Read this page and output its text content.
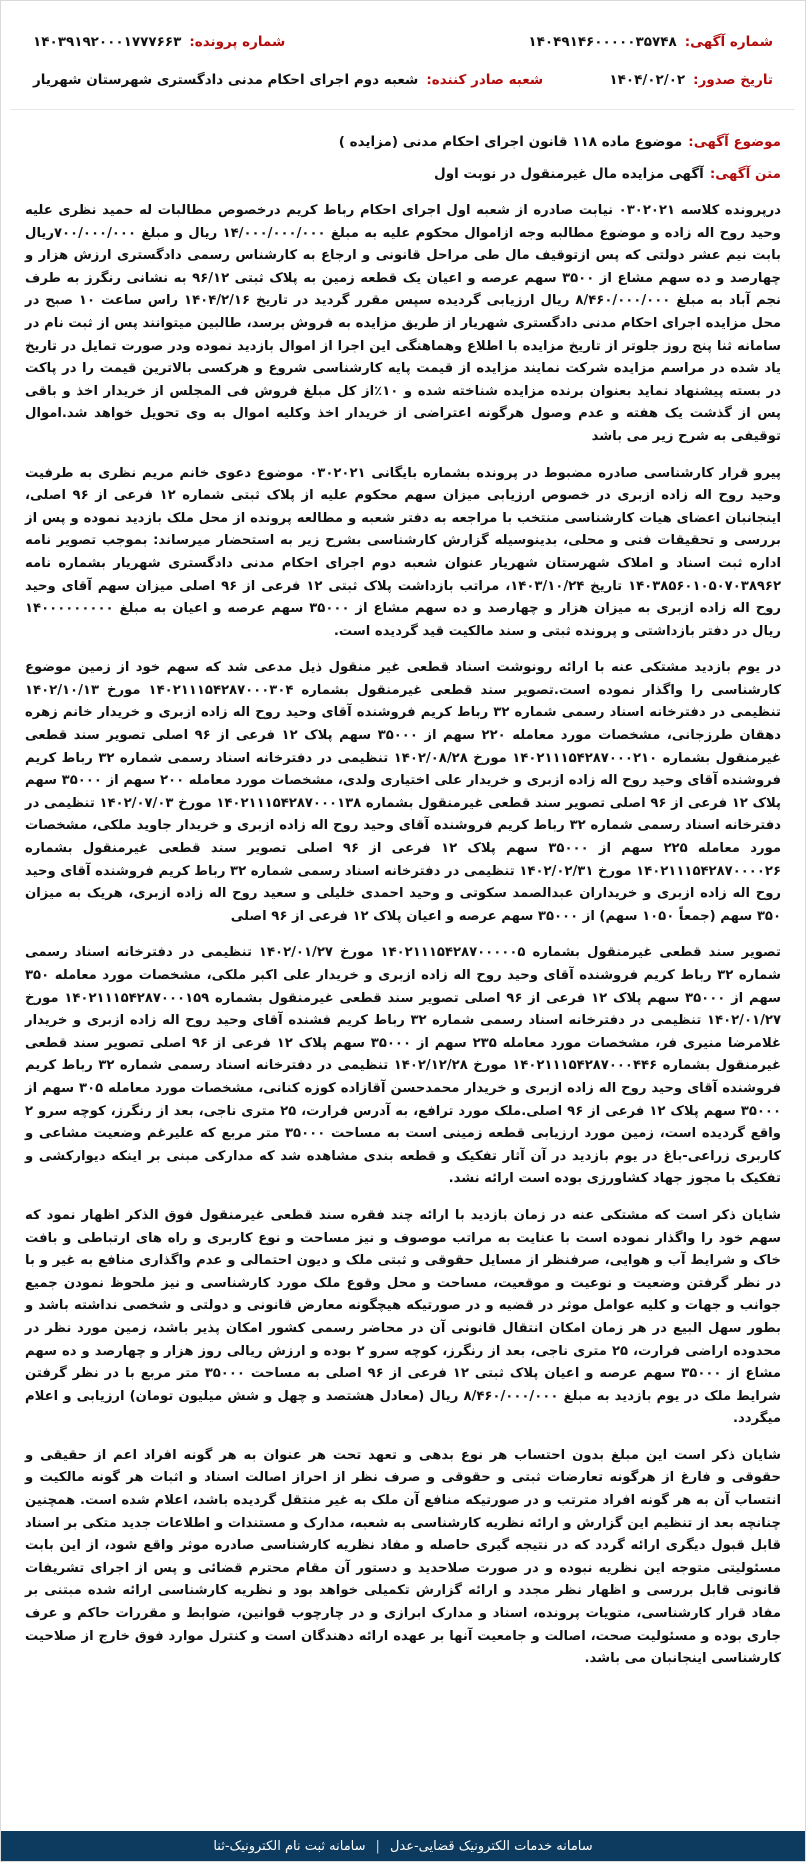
شماره آگهی:
۱۴۰۴۹۱۴۶۰۰۰۰۰۳۵۷۴۸
شماره پرونده:
۱۴۰۳۹۱۹۲۰۰۰۱۷۷۷۶۶۳
تاریخ صدور:
۱۴۰۴/۰۲/۰۲
شعبه صادر کننده:
شعبه دوم اجرای احکام مدنی دادگستری شهرستان شهریار
موضوع آگهی:
موضوع ماده ۱۱۸ قانون اجرای احکام مدنی (مزایده )
متن آگهی:
آگهی مزایده مال غیرمنقول در نوبت اول

درپرونده کلاسه ۰۳۰۲۰۲۱ نیابت صادره از شعبه اول اجرای احکام رباط کریم درخصوص مطالبات له حمید نظری علیه وحید روح اله زاده و موضوع مطالبه وجه ازاموال محکوم علیه به مبلغ ۱۴/۰۰۰/۰۰۰/۰۰۰ ریال و مبلغ ۷۰۰/۰۰۰/۰۰۰ریال بابت نیم عشر دولتی که پس ازتوقیف مال طی مراحل قانونی و ارجاع به کارشناس رسمی دادگستری ارزش هزار و چهارصد و ده سهم مشاع از ۳۵۰۰ سهم عرصه و اعیان یک قطعه زمین به پلاک ثبتی ۹۶/۱۲ به نشانی رنگرز به طرف نجم آباد به مبلغ ۸/۴۶۰/۰۰۰/۰۰۰ ریال ارزیابی گردیده سپس مقرر گردید در تاریخ ۱۴۰۴/۲/۱۶ راس ساعت ۱۰ صبح در محل مزایده اجرای احکام مدنی دادگستری شهریار از طریق مزایده به فروش برسد، طالبین میتوانند پس از ثبت نام در سامانه ثنا پنج روز جلوتر از تاریخ مزایده با اطلاع وهماهنگی این اجرا از اموال بازدید نموده ودر صورت تمایل در تاریخ یاد شده در مراسم مزایده شرکت نمایند مزایده از قیمت پایه کارشناسی شروع و هرکسی بالاترین قیمت را در پاکت در بسته پیشنهاد نماید بعنوان برنده مزایده شناخته شده و ۱۰٪از کل مبلغ فروش فی المجلس از خریدار اخذ و باقی پس از گذشت یک هفته و عدم وصول هرگونه اعتراضی از خریدار اخذ وکلیه اموال به وی تحویل خواهد شد.اموال توقیفی به شرح زیر می باشد

پیرو قرار کارشناسی صادره مضبوط در پرونده بشماره بایگانی ۰۳۰۲۰۲۱ موضوع دعوی خانم مریم نظری به طرفیت وحید روح اله زاده ازبری در خصوص ارزیابی میزان سهم محکوم علیه از پلاک ثبتی شماره ۱۲ فرعی از ۹۶ اصلی، اینجانبان اعضای هیات کارشناسی منتخب با مراجعه به دفتر شعبه و مطالعه پرونده از محل ملک بازدید نموده و پس از بررسی و تحقیقات فنی و محلی، بدینوسیله گزارش کارشناسی بشرح زیر به استحضار میرساند: بموجب تصویر نامه اداره ثبت اسناد و املاک شهرستان شهریار عنوان شعبه دوم اجرای احکام مدنی دادگستری شهریار بشماره نامه ۱۴۰۳۸۵۶۰۱۰۵۰۷۰۳۸۹۶۲ تاریخ ۱۴۰۳/۱۰/۲۴، مراتب بازداشت پلاک ثبتی ۱۲ فرعی از ۹۶ اصلی میزان سهم آقای وحید روح اله زاده ازبری به میزان هزار و چهارصد و ده سهم مشاع از ۳۵۰۰۰ سهم عرصه و اعیان به مبلغ ۱۴۰۰۰۰۰۰۰۰۰ ریال در دفتر بازداشتی و پرونده ثبتی و سند مالکیت قید گردیده است.

در یوم بازدید مشتکی عنه با ارائه رونوشت اسناد قطعی غیر منقول ذیل مدعی شد که سهم خود از زمین موضوع کارشناسی را واگذار نموده است.تصویر سند قطعی غیرمنقول بشماره ۱۴۰۲۱۱۱۵۴۲۸۷۰۰۰۳۰۴ مورخ ۱۴۰۲/۱۰/۱۳ تنظیمی در دفترخانه اسناد رسمی شماره ۳۲ رباط کریم فروشنده آقای وحید روح اله زاده ازبری و خریدار خانم زهره دهقان طرزجانی، مشخصات مورد معامله ۲۲۰ سهم از ۳۵۰۰۰ سهم پلاک ۱۲ فرعی از ۹۶ اصلی تصویر سند قطعی غیرمنقول بشماره ۱۴۰۲۱۱۱۵۴۲۸۷۰۰۰۲۱۰ مورخ ۱۴۰۲/۰۸/۲۸ تنظیمی در دفترخانه اسناد رسمی شماره ۳۲ رباط کریم فروشنده آقای وحید روح اله زاده ازبری و خریدار علی اختیاری ولدی، مشخصات مورد معامله ۲۰۰ سهم از ۳۵۰۰۰ سهم پلاک ۱۲ فرعی از ۹۶ اصلی تصویر سند قطعی غیرمنقول بشماره ۱۴۰۲۱۱۱۵۴۲۸۷۰۰۰۱۳۸ مورخ ۱۴۰۲/۰۷/۰۳ تنظیمی در دفترخانه اسناد رسمی شماره ۳۲ رباط کریم فروشنده آقای وحید روح اله زاده ازبری و خریدار جاوید ملکی، مشخصات مورد معامله ۲۲۵ سهم از ۳۵۰۰۰ سهم پلاک ۱۲ فرعی از ۹۶ اصلی تصویر سند قطعی غیرمنقول بشماره ۱۴۰۲۱۱۱۵۴۲۸۷۰۰۰۰۲۶ مورخ ۱۴۰۲/۰۲/۳۱ تنظیمی در دفترخانه اسناد رسمی شماره ۳۲ رباط کریم فروشنده آقای وحید روح اله زاده ازبری و خریداران عبدالصمد سکوتی و وحید احمدی خلیلی و سعید روح اله زاده ازبری، هریک به میزان ۳۵۰ سهم (جمعاً ۱۰۵۰ سهم) از ۳۵۰۰۰ سهم عرصه و اعیان پلاک ۱۲ فرعی از ۹۶ اصلی

تصویر سند قطعی غیرمنقول بشماره ۱۴۰۲۱۱۱۵۴۲۸۷۰۰۰۰۰۵ مورخ ۱۴۰۲/۰۱/۲۷ تنظیمی در دفترخانه اسناد رسمی شماره ۳۲ رباط کریم فروشنده آقای وحید روح اله زاده ازبری و خریدار علی اکبر ملکی، مشخصات مورد معامله ۳۵۰ سهم از ۳۵۰۰۰ سهم پلاک ۱۲ فرعی از ۹۶ اصلی تصویر سند قطعی غیرمنقول بشماره ۱۴۰۲۱۱۱۵۴۲۸۷۰۰۰۱۵۹ مورخ ۱۴۰۲/۰۱/۲۷ تنظیمی در دفترخانه اسناد رسمی شماره ۳۲ رباط کریم فشنده آقای وحید روح اله زاده ازبری و خریدار غلامرضا منیری فر، مشخصات مورد معامله ۲۳۵ سهم از ۳۵۰۰۰ سهم پلاک ۱۲ فرعی از ۹۶ اصلی تصویر سند قطعی غیرمنقول بشماره ۱۴۰۲۱۱۱۵۴۲۸۷۰۰۰۴۴۶ مورخ ۱۴۰۲/۱۲/۲۸ تنظیمی در دفترخانه اسناد رسمی شماره ۳۲ رباط کریم فروشنده آقای وحید روح اله زاده ازبری و خریدار محمدحسن آقازاده کوزه کنانی، مشخصات مورد معامله ۳۰۵ سهم از ۳۵۰۰۰ سهم پلاک ۱۲ فرعی از ۹۶ اصلی.ملک مورد ترافع، به آدرس فرارت، ۲۵ متری ناجی، بعد از رنگرز، کوچه سرو ۲ واقع گردیده است، زمین مورد ارزیابی قطعه زمینی است به مساحت ۳۵۰۰۰ متر مربع که علیرغم وضعیت مشاعی و کاربری زراعی-باغ در یوم بازدید در آن آثار تفکیک و قطعه بندی مشاهده شد که مدارکی مبنی بر اینکه دیوارکشی و تفکیک با مجوز جهاد کشاورزی بوده است ارائه نشد.

شایان ذکر است که مشتکی عنه در زمان بازدید با ارائه چند فقره سند قطعی غیرمنقول فوق الذکر اظهار نمود که سهم خود را واگذار نموده است با عنایت به مراتب موصوف و نیز مساحت و نوع کاربری و راه های ارتباطی و بافت خاک و شرایط آب و هوایی، صرفنظر از مسایل حقوقی و ثبتی ملک و دیون احتمالی و عدم واگذاری منافع به غیر و با در نظر گرفتن وضعیت و نوعیت و موقعیت، مساحت و محل وقوع ملک مورد کارشناسی و نیز ملحوظ نمودن جمیع جوانب و جهات و کلیه عوامل موثر در قضیه و در صورتیکه هیچگونه معارض قانونی و دولتی و شخصی نداشته باشد و بطور سهل البیع در هر زمان امکان انتقال قانونی آن در محاضر رسمی کشور امکان پذیر باشد، زمین مورد نظر در محدوده اراضی فرارت، ۲۵ متری ناجی، بعد از رنگرز، کوچه سرو ۲ بوده و ارزش ریالی روز هزار و چهارصد و ده سهم مشاع از ۳۵۰۰۰ سهم عرصه و اعیان پلاک ثبتی ۱۲ فرعی از ۹۶ اصلی به مساحت ۳۵۰۰۰ متر مربع با در نظر گرفتن شرایط ملک در یوم بازدید به مبلغ ۸/۴۶۰/۰۰۰/۰۰۰ ریال (معادل هشتصد و چهل و شش میلیون تومان) ارزیابی و اعلام میگردد.

شایان ذکر است این مبلغ بدون احتساب هر نوع بدهی و تعهد تحت هر عنوان به هر گونه افراد اعم از حقیقی و حقوقی و فارغ از هرگونه تعارضات ثبتی و حقوقی و صرف نظر از احراز اصالت اسناد و اثبات هر گونه مالکیت و انتساب آن به هر گونه افراد مترتب و در صورتیکه منافع آن ملک به غیر منتقل گردیده باشد، اعلام شده است. همچنین چنانچه بعد از تنظیم این گزارش و ارائه نظریه کارشناسی به شعبه، مدارک و مستندات و اطلاعات جدید متکی بر اسناد قابل قبول دیگری ارائه گردد که در نتیجه گیری حاصله و مفاد نظریه کارشناسی صادره موثر واقع شود، از این بابت مسئولیتی متوجه این نظریه نبوده و در صورت صلاحدید و دستور آن مقام محترم قضائی و پس از اجرای تشریفات قانونی قابل بررسی و اظهار نظر مجدد و ارائه گزارش تکمیلی خواهد بود و نظریه کارشناسی ارائه شده مبتنی بر مفاد قرار کارشناسی، متویات پرونده، اسناد و مدارک ابرازی و در چارچوب قوانین، ضوابط و مقررات حاکم و عرف جاری بوده و مسئولیت صحت، اصالت و جامعیت آنها بر عهده ارائه دهندگان است و کنترل موارد فوق خارج از صلاحیت کارشناسی اینجانبان می باشد.

سامانه خدمات الکترونیک قضایی-عدل
|
سامانه ثبت نام الکترونیک-ثنا
